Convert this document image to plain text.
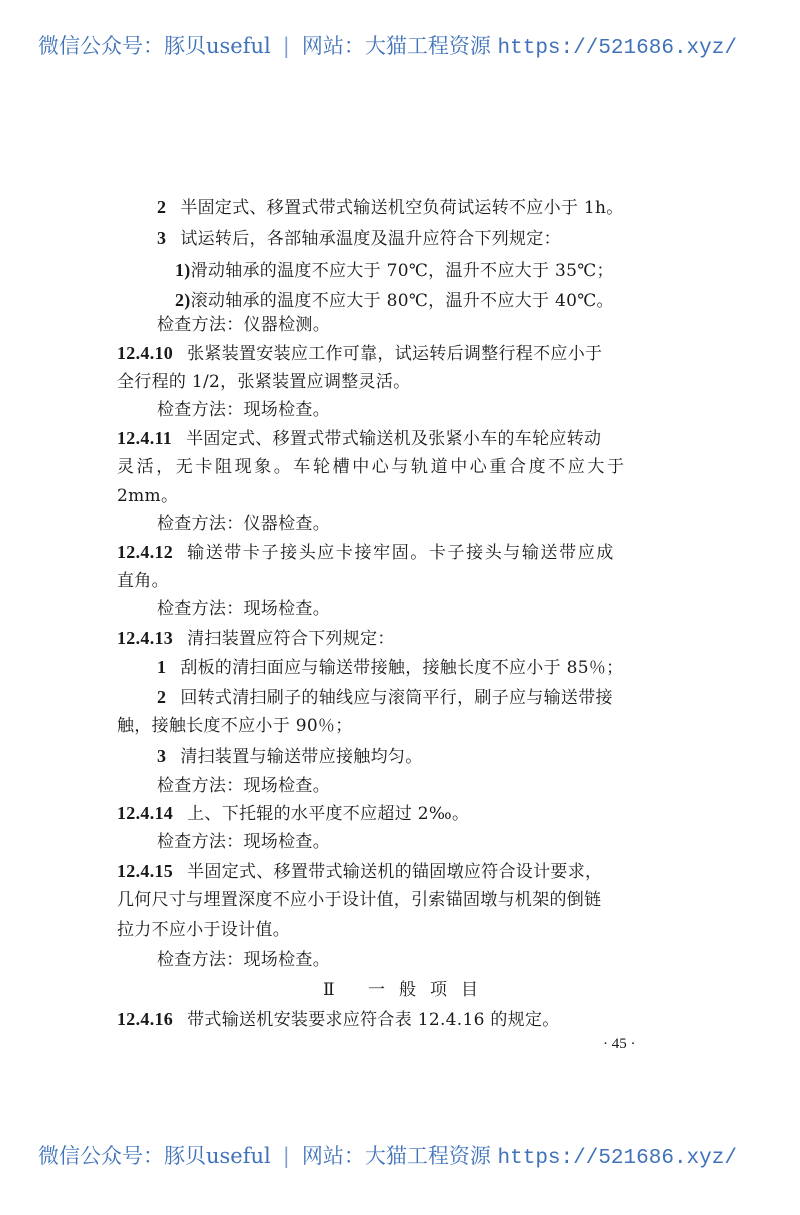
微信公众号：豚贝useful | 网站：大猫工程资源 https://521686.xyz/
2 半固定式、移置式带式输送机空负荷试运转不应小于 1h。
3 试运转后，各部轴承温度及温升应符合下列规定：
1)滑动轴承的温度不应大于 70℃，温升不应大于 35℃；
2)滚动轴承的温度不应大于 80℃，温升不应大于 40℃。
检查方法：仪器检测。
12.4.10 张紧装置安装应工作可靠，试运转后调整行程不应小于
全行程的 1/2，张紧装置应调整灵活。
检查方法：现场检查。
12.4.11 半固定式、移置式带式输送机及张紧小车的车轮应转动
灵活，无卡阻现象。车轮槽中心与轨道中心重合度不应大于
2mm。
检查方法：仪器检查。
12.4.12 输送带卡子接头应卡接牢固。卡子接头与输送带应成
直角。
检查方法：现场检查。
12.4.13 清扫装置应符合下列规定：
1 刮板的清扫面应与输送带接触，接触长度不应小于 85％；
2 回转式清扫刷子的轴线应与滚筒平行，刷子应与输送带接
触，接触长度不应小于 90％；
3 清扫装置与输送带应接触均匀。
检查方法：现场检查。
12.4.14 上、下托辊的水平度不应超过 2‰。
检查方法：现场检查。
12.4.15 半固定式、移置带式输送机的锚固墩应符合设计要求，
几何尺寸与埋置深度不应小于设计值，引索锚固墩与机架的倒链
拉力不应小于设计值。
检查方法：现场检查。
Ⅱ 一般项目
12.4.16 带式输送机安装要求应符合表 12.4.16 的规定。
· 45 ·
微信公众号：豚贝useful | 网站：大猫工程资源 https://521686.xyz/
